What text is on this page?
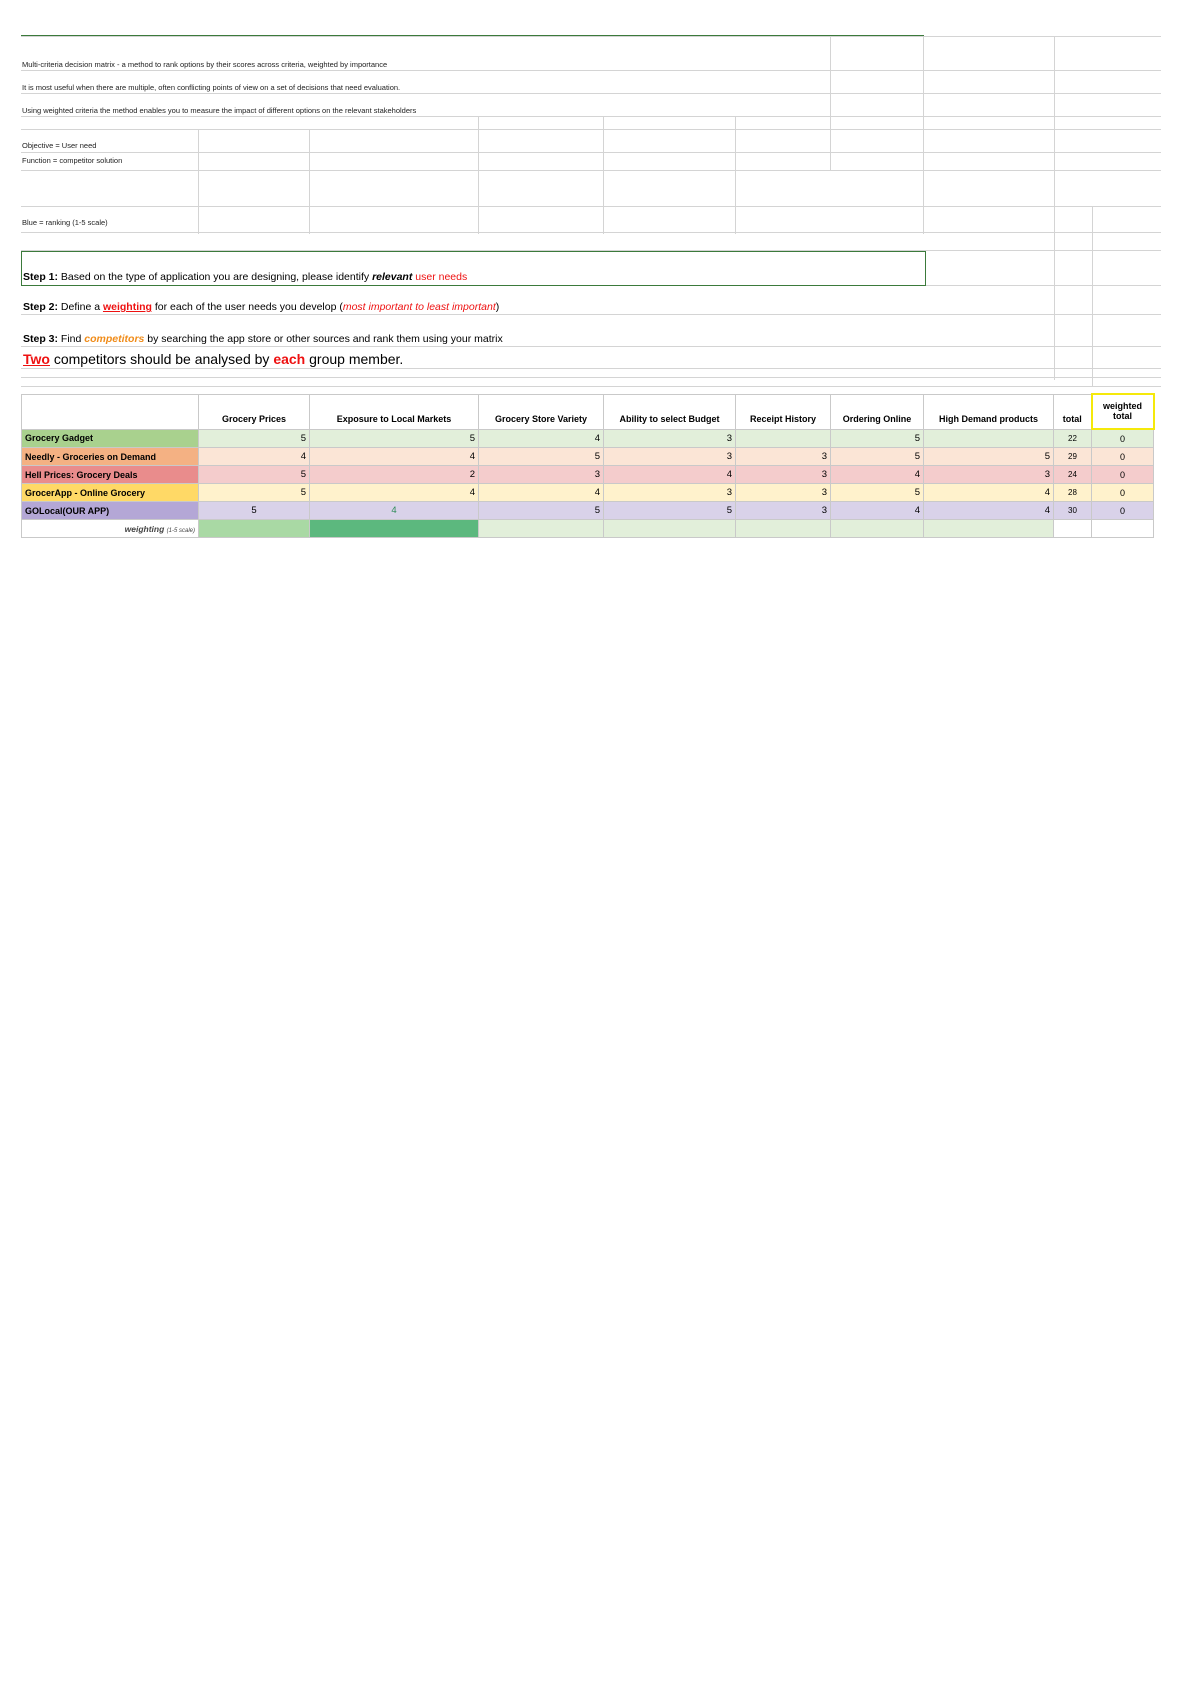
Multi-criteria decision matrix - a method to rank options by their scores across criteria, weighted by importance
It is most useful when there are multiple, often conflicting points of view on a set of decisions that need evaluation.
Using weighted criteria the method enables you to measure the impact of different options on the relevant stakeholders
Objective = User need
Function = competitor solution
Blue = ranking (1-5 scale)
Step 1: Based on the type of application you are designing, please identify relevant user needs
Step 2: Define a weighting for each of the user needs you develop (most important to least important)
Step 3: Find competitors by searching the app store or other sources and rank them using your matrix
Two competitors should be analysed by each group member.
	Grocery Prices	Exposure to Local Markets	Grocery Store Variety	Ability to select Budget	Receipt History	Ordering Online	High Demand products	total	weighted total
Grocery Gadget	5	5	4	3		5		22	0
Needly - Groceries on Demand	4	4	5	3	3	5	5	29	0
Hell Prices: Grocery Deals	5	2	3	4	3	4	3	24	0
GrocerApp - Online Grocery	5	4	4	3	3	5	4	28	0
GOLocal(OUR APP)	5	4	5	5	3	4	4	30	0
weighting (1-5 scale)									
